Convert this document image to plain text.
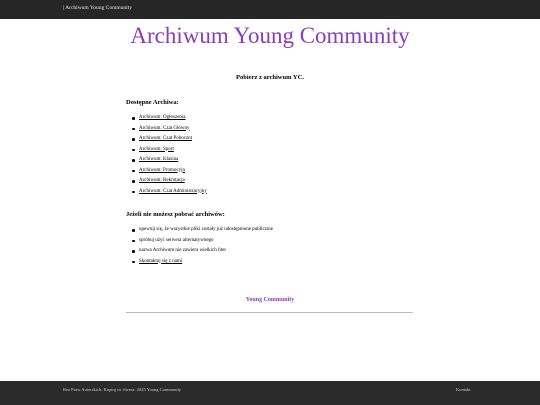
| Archiwum Young Community
Archiwum Young Community
Pobierz z archiwum YC.
Dostępne Archiwa:
Archiwum: Ogłoszenia
Archiwum: Czat Główny
Archiwum: Czat Pobocznt
Archiwum: Sport
Archiwum: Klasina
Archiwum: Promocyjn
Archiwum: Rekrutacja
Archiwum: Czat Administracyjny
Jeżeli nie możesz pobrać archiwów:
upewnij się, że wszystkie pliki zostały już udostępnione publicznie
spróbuj użyć serwera alternatywnego
nazwa Archiwum nie zawiera wielkich liter
Skontaktuj się z nami
Young Community
Bez Praw Autorskich. Kopiuj co chcesz. 2025 Young Community	Kontakt
